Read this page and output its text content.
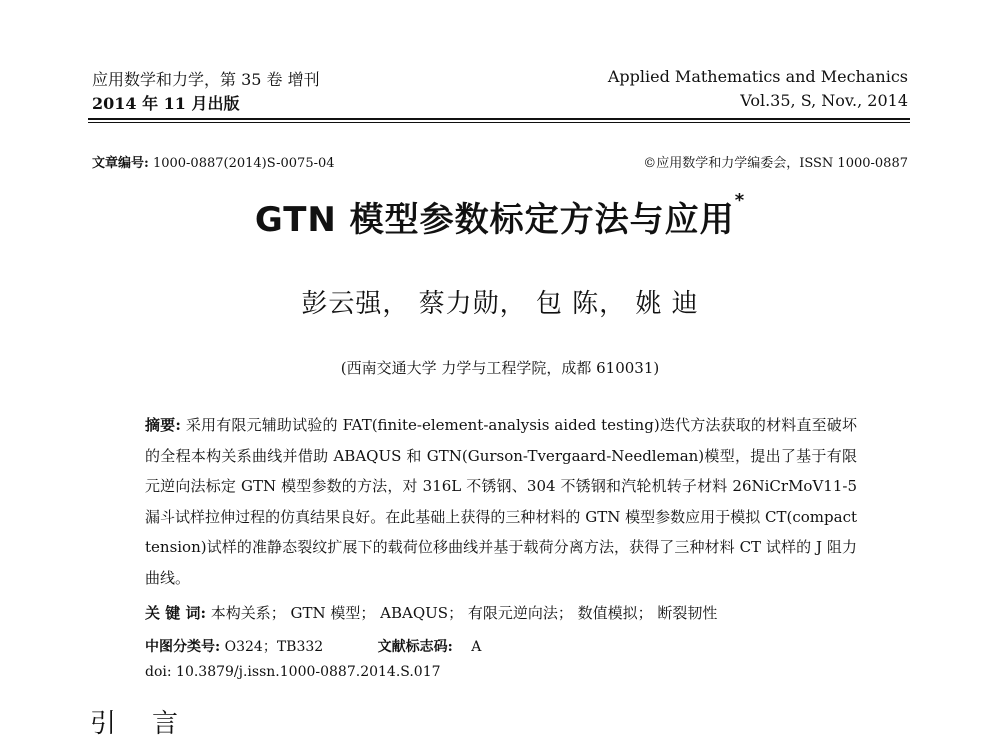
应用数学和力学，第 35 卷 增刊
2014 年 11 月出版
Applied Mathematics and Mechanics
Vol.35, S, Nov., 2014
文章编号: 1000-0887(2014)S-0075-04	©应用数学和力学编委会，ISSN 1000-0887
GTN 模型参数标定方法与应用*
彭云强， 蔡力勋， 包 陈， 姚 迪
(西南交通大学 力学与工程学院，成都 610031)
摘要: 采用有限元辅助试验的 FAT(finite-element-analysis aided testing)迭代方法获取的材料直至破坏的全程本构关系曲线并借助 ABAQUS 和 GTN(Gurson-Tvergaard-Needleman)模型，提出了基于有限元逆向法标定 GTN 模型参数的方法，对 316L 不锈钢、304 不锈钢和汽轮机转子材料 26NiCrMoV11-5 漏斗试样拉伸过程的仿真结果良好。在此基础上获得的三种材料的 GTN 模型参数应用于模拟 CT(compact tension)试样的准静态裂纹扩展下的载荷位移曲线并基于载荷分离方法，获得了三种材料 CT 试样的 J 阻力曲线。
关 键 词: 本构关系； GTN 模型； ABAQUS； 有限元逆向法； 数值模拟； 断裂韧性
中图分类号: O324；TB332	文献标志码: A
doi: 10.3879/j.issn.1000-0887.2014.S.017
引言
